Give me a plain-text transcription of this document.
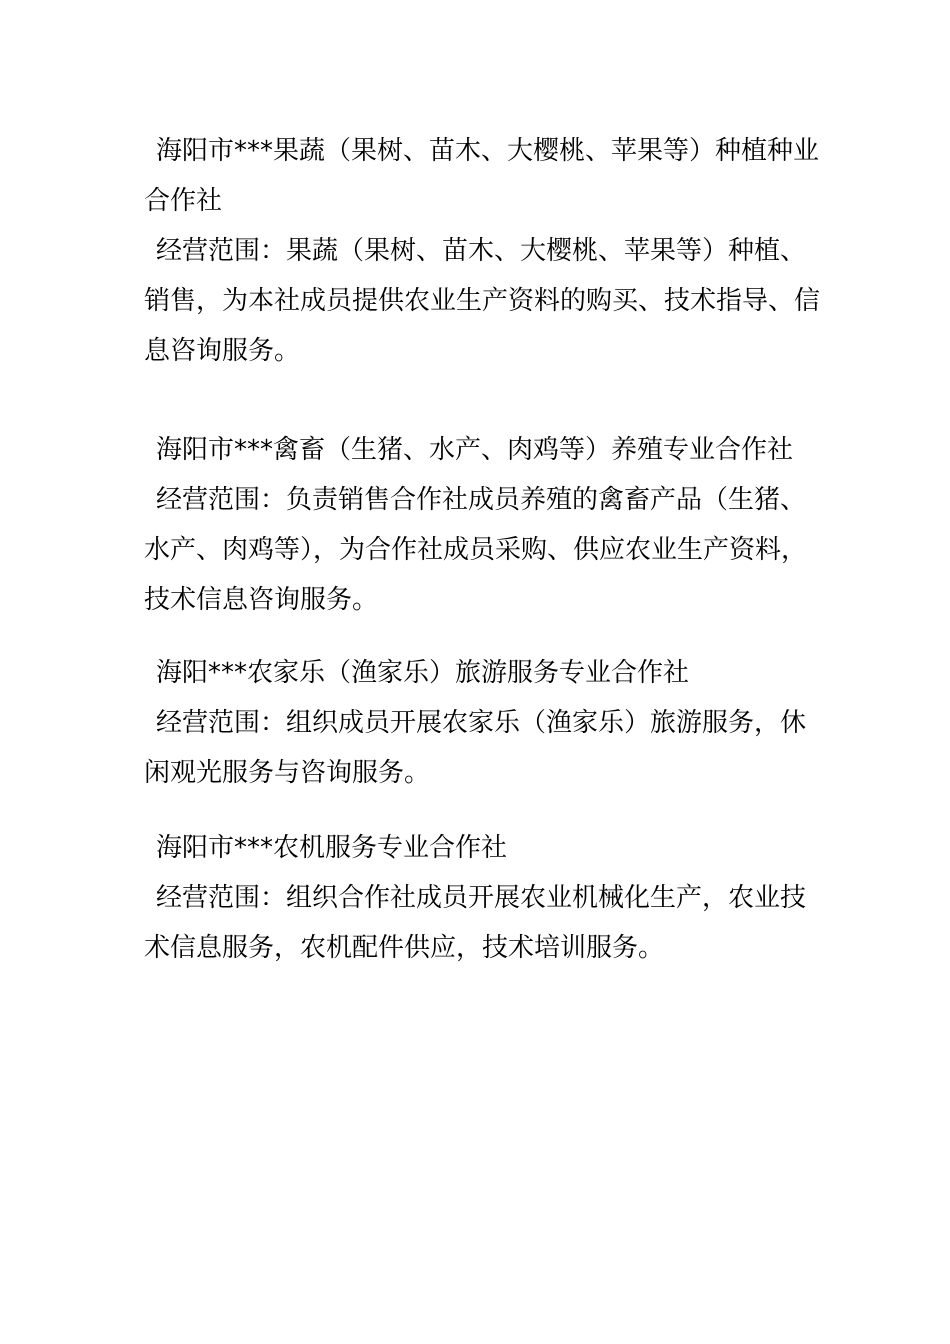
海阳市***果蔬（果树、苗木、大樱桃、苹果等）种植种业合作社

经营范围：果蔬（果树、苗木、大樱桃、苹果等）种植、销售，为本社成员提供农业生产资料的购买、技术指导、信息咨询服务。

海阳市***禽畜（生猪、水产、肉鸡等）养殖专业合作社

经营范围：负责销售合作社成员养殖的禽畜产品（生猪、水产、肉鸡等），为合作社成员采购、供应农业生产资料，技术信息咨询服务。

海阳***农家乐（渔家乐）旅游服务专业合作社

经营范围：组织成员开展农家乐（渔家乐）旅游服务，休闲观光服务与咨询服务。

海阳市***农机服务专业合作社

经营范围：组织合作社成员开展农业机械化生产，农业技术信息服务，农机配件供应，技术培训服务。
